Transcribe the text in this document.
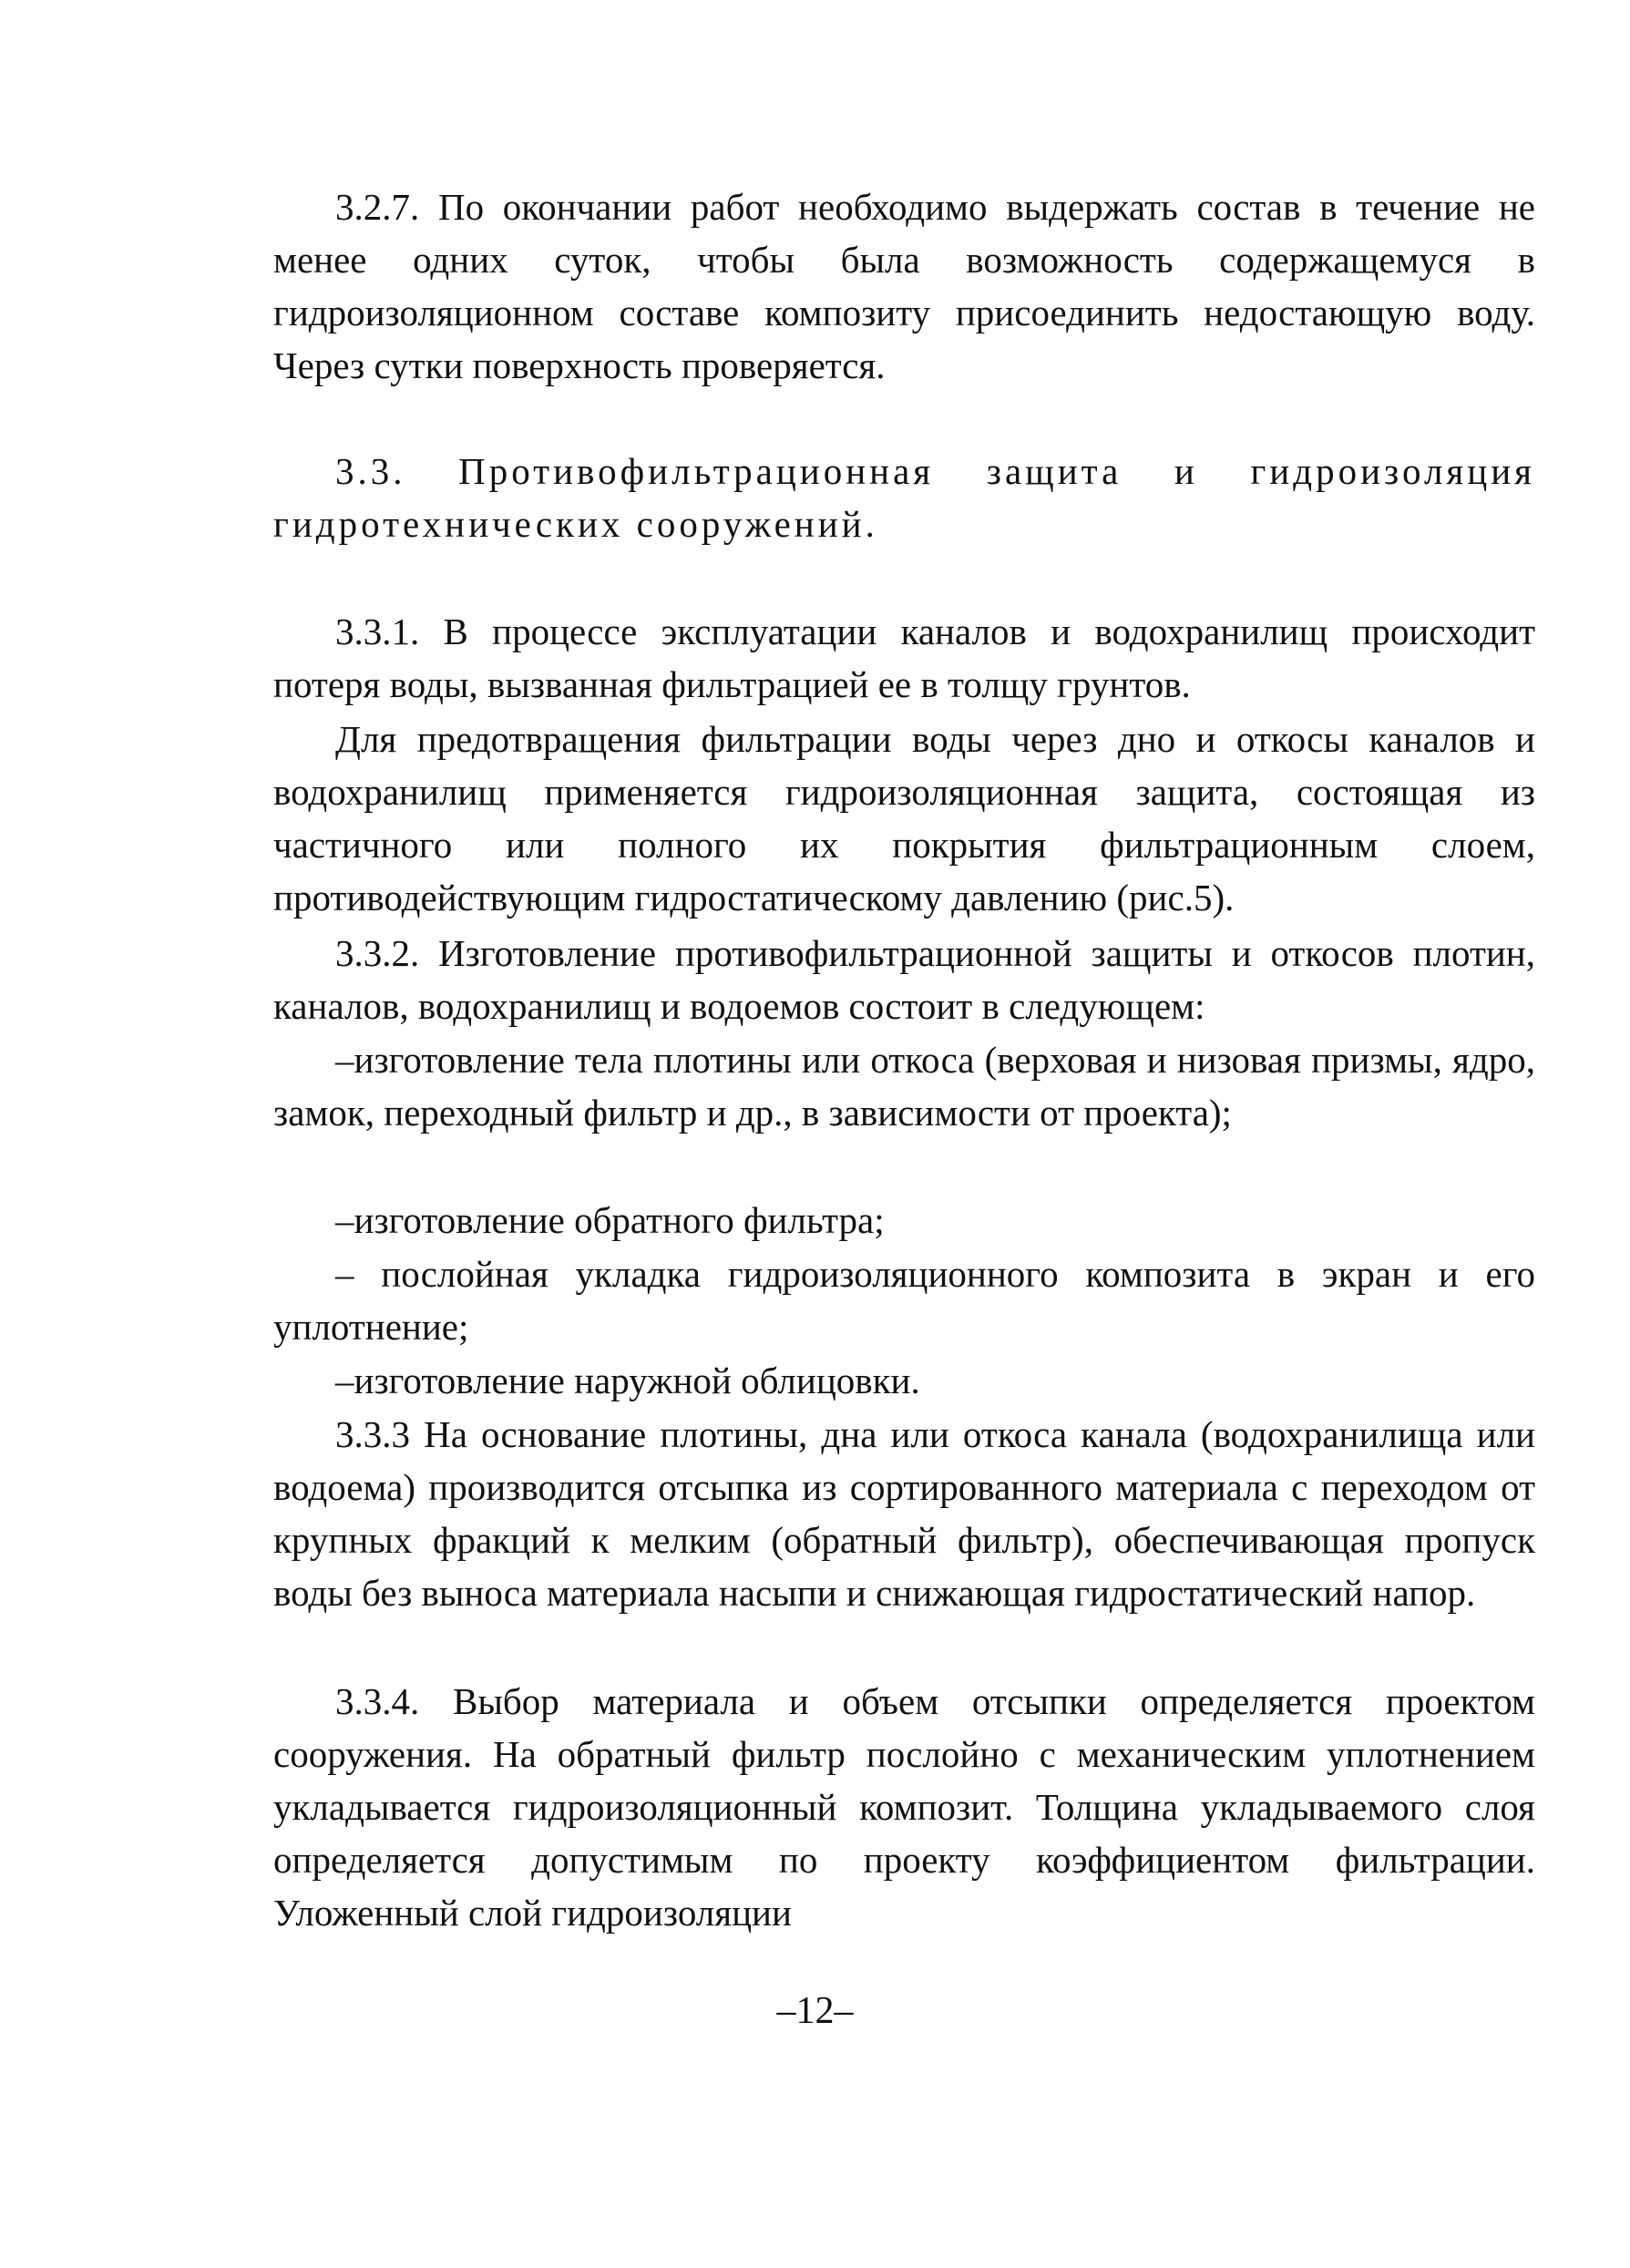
3.2.7. По окончании работ необходимо выдержать состав в течение не менее одних суток, чтобы была возможность содержащемуся в гидроизоляционном составе композиту присоединить недостающую воду. Через сутки поверхность проверяется.

3.3. Противофильтрационная защита и гидроизоляция гидротехнических сооружений.

3.3.1. В процессе эксплуатации каналов и водохранилищ происходит потеря воды, вызванная фильтрацией ее в толщу грунтов.

Для предотвращения фильтрации воды через дно и откосы каналов и водохранилищ применяется гидроизоляционная защита, состоящая из частичного или полного их покрытия фильтрационным слоем, противодействующим гидростатическому давлению (рис.5).

3.3.2. Изготовление противофильтрационной защиты и откосов плотин, каналов, водохранилищ и водоемов состоит в следующем:

–изготовление тела плотины или откоса (верховая и низовая призмы, ядро, замок, переходный фильтр и др., в зависимости от проекта);

–изготовление обратного фильтра;

– послойная укладка гидроизоляционного композита в экран и его уплотнение;

–изготовление наружной облицовки.

3.3.3 На основание плотины, дна или откоса канала (водохранилища или водоема) производится отсыпка из сортированного материала с переходом от крупных фракций к мелким (обратный фильтр), обеспечивающая пропуск воды без выноса материала насыпи и снижающая гидростатический напор.

3.3.4. Выбор материала и объем отсыпки определяется проектом сооружения. На обратный фильтр послойно с механическим уплотнением укладывается гидроизоляционный композит. Толщина укладываемого слоя определяется допустимым по проекту коэффициентом фильтрации. Уложенный слой гидроизоляции

–12–
